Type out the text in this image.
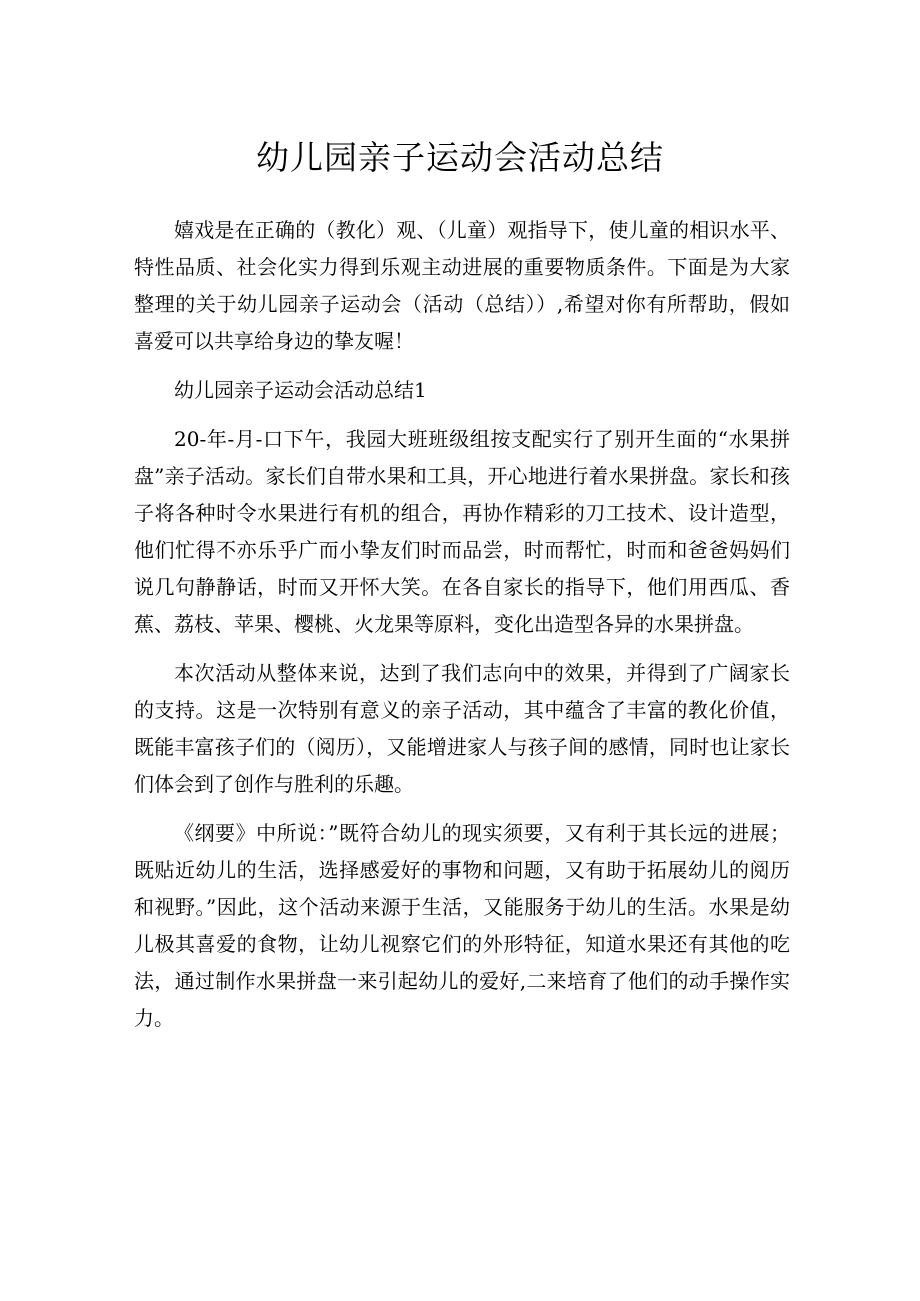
幼儿园亲子运动会活动总结

嬉戏是在正确的（教化）观、（儿童）观指导下，使儿童的相识水平、特性品质、社会化实力得到乐观主动进展的重要物质条件。下面是为大家整理的关于幼儿园亲子运动会（活动（总结））,希望对你有所帮助，假如喜爱可以共享给身边的挚友喔！

幼儿园亲子运动会活动总结1

20-年-月-口下午，我园大班班级组按支配实行了别开生面的“水果拼盘”亲子活动。家长们自带水果和工具，开心地进行着水果拼盘。家长和孩子将各种时令水果进行有机的组合，再协作精彩的刀工技术、设计造型，他们忙得不亦乐乎广而小挚友们时而品尝，时而帮忙，时而和爸爸妈妈们说几句静静话，时而又开怀大笑。在各自家长的指导下，他们用西瓜、香蕉、荔枝、苹果、樱桃、火龙果等原料，变化出造型各异的水果拼盘。

本次活动从整体来说，达到了我们志向中的效果，并得到了广阔家长的支持。这是一次特别有意义的亲子活动，其中蕴含了丰富的教化价值，既能丰富孩子们的（阅历），又能增进家人与孩子间的感情，同时也让家长们体会到了创作与胜利的乐趣。

《纲要》中所说：”既符合幼儿的现实须要，又有利于其长远的进展；既贴近幼儿的生活，选择感爱好的事物和问题，又有助于拓展幼儿的阅历和视野。”因此，这个活动来源于生活，又能服务于幼儿的生活。水果是幼儿极其喜爱的食物，让幼儿视察它们的外形特征，知道水果还有其他的吃法，通过制作水果拼盘一来引起幼儿的爱好,二来培育了他们的动手操作实力。
